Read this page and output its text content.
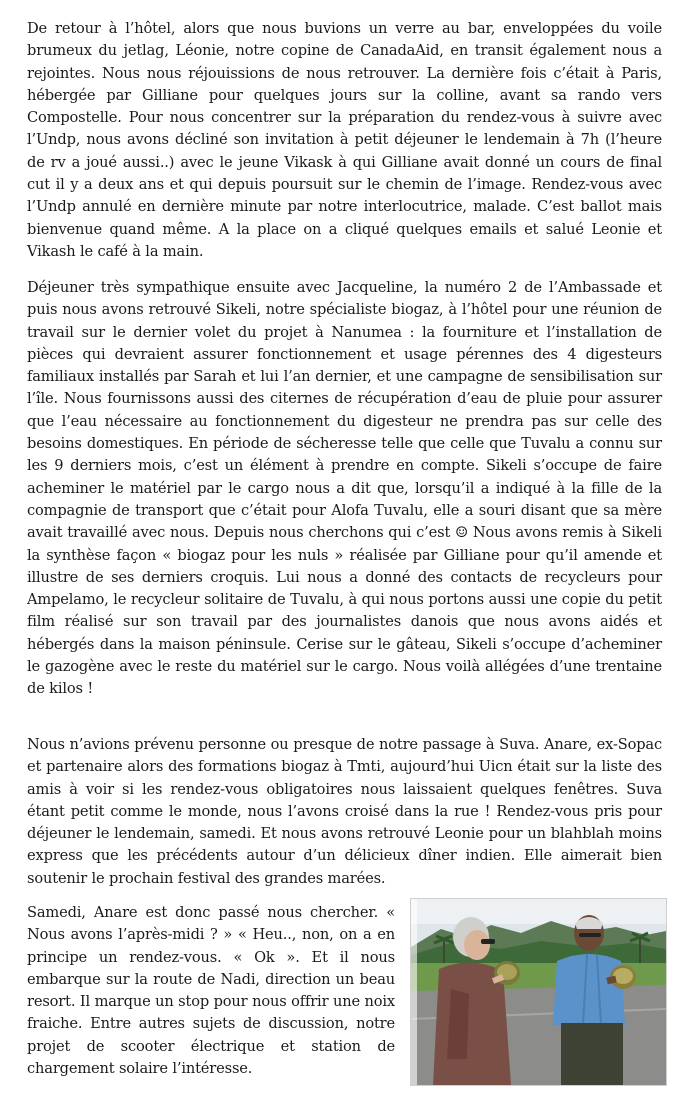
De retour à l’hôtel, alors que nous buvions un verre au bar, enveloppées du voile brumeux du jetlag, Léonie, notre copine de CanadaAid, en transit également nous a rejointes. Nous nous réjouissions de nous retrouver. La dernière fois c’était à Paris, hébergée par Gilliane pour quelques jours sur la colline, avant sa rando vers Compostelle. Pour nous concentrer sur la préparation du rendez-vous à suivre avec l’Undp, nous avons décliné son invitation à petit déjeuner le lendemain à 7h (l’heure de rv a joué aussi..) avec le jeune Vikask à qui Gilliane avait donné un cours de final cut il y a deux ans et qui depuis poursuit sur le chemin de l’image. Rendez-vous avec l’Undp annulé en dernière minute par notre interlocutrice, malade. C’est ballot mais bienvenue quand même. A la place on a cliqué quelques emails et salué Leonie et Vikash le café à la main.

Déjeuner très sympathique ensuite avec Jacqueline, la numéro 2 de l’Ambassade et puis nous avons retrouvé Sikeli, notre spécialiste biogaz, à l’hôtel pour une réunion de travail sur le dernier volet du projet à Nanumea : la fourniture et l’installation de pièces qui devraient assurer fonctionnement et usage pérennes des 4 digesteurs familiaux installés par Sarah et lui l’an dernier, et une campagne de sensibilisation sur l’île. Nous fournissons aussi des citernes de récupération d’eau de pluie pour assurer que l’eau nécessaire au fonctionnement du digesteur ne prendra pas sur celle des besoins domestiques. En période de sécheresse telle que celle que Tuvalu a connu sur les 9 derniers mois, c’est un élément à prendre en compte. Sikeli s’occupe de faire acheminer le matériel par le cargo nous a dit que, lorsqu’il a indiqué à la fille de la compagnie de transport que c’était pour Alofa Tuvalu, elle a souri disant que sa mère avait travaillé avec nous. Depuis nous cherchons qui c’est ☺ Nous avons remis à Sikeli la synthèse façon « biogaz pour les nuls » réalisée par Gilliane pour qu’il amende et illustre de ses derniers croquis. Lui nous a donné des contacts de recycleurs pour Ampelamo, le recycleur solitaire de Tuvalu, à qui nous portons aussi une copie du petit film réalisé sur son travail par des journalistes danois que nous avons aidés et hébergés dans la maison péninsule. Cerise sur le gâteau, Sikeli s’occupe d’acheminer le gazogène avec le reste du matériel sur le cargo. Nous voilà allégées d’une trentaine de kilos !

Nous n’avions prévenu personne ou presque de notre passage à Suva. Anare, ex-Sopac et partenaire alors des formations biogaz à Tmti, aujourd’hui Uicn était sur la liste des amis à voir si les rendez-vous obligatoires nous laissaient quelques fenêtres. Suva étant petit comme le monde, nous l’avons croisé dans la rue ! Rendez-vous pris pour déjeuner le lendemain, samedi. Et nous avons retrouvé Leonie pour un blahblah moins express que les précédents autour d’un délicieux dîner indien. Elle aimerait bien soutenir le prochain festival des grandes marées.

Samedi, Anare est donc passé nous chercher. « Nous avons l’après-midi ? » « Heu.., non, on a en principe un rendez-vous. « Ok ». Et il nous embarque sur la route de Nadi, direction un beau resort. Il marque un stop pour nous offrir une noix fraiche. Entre autres sujets de discussion, notre projet de scooter électrique et station de chargement solaire l’intéresse.
